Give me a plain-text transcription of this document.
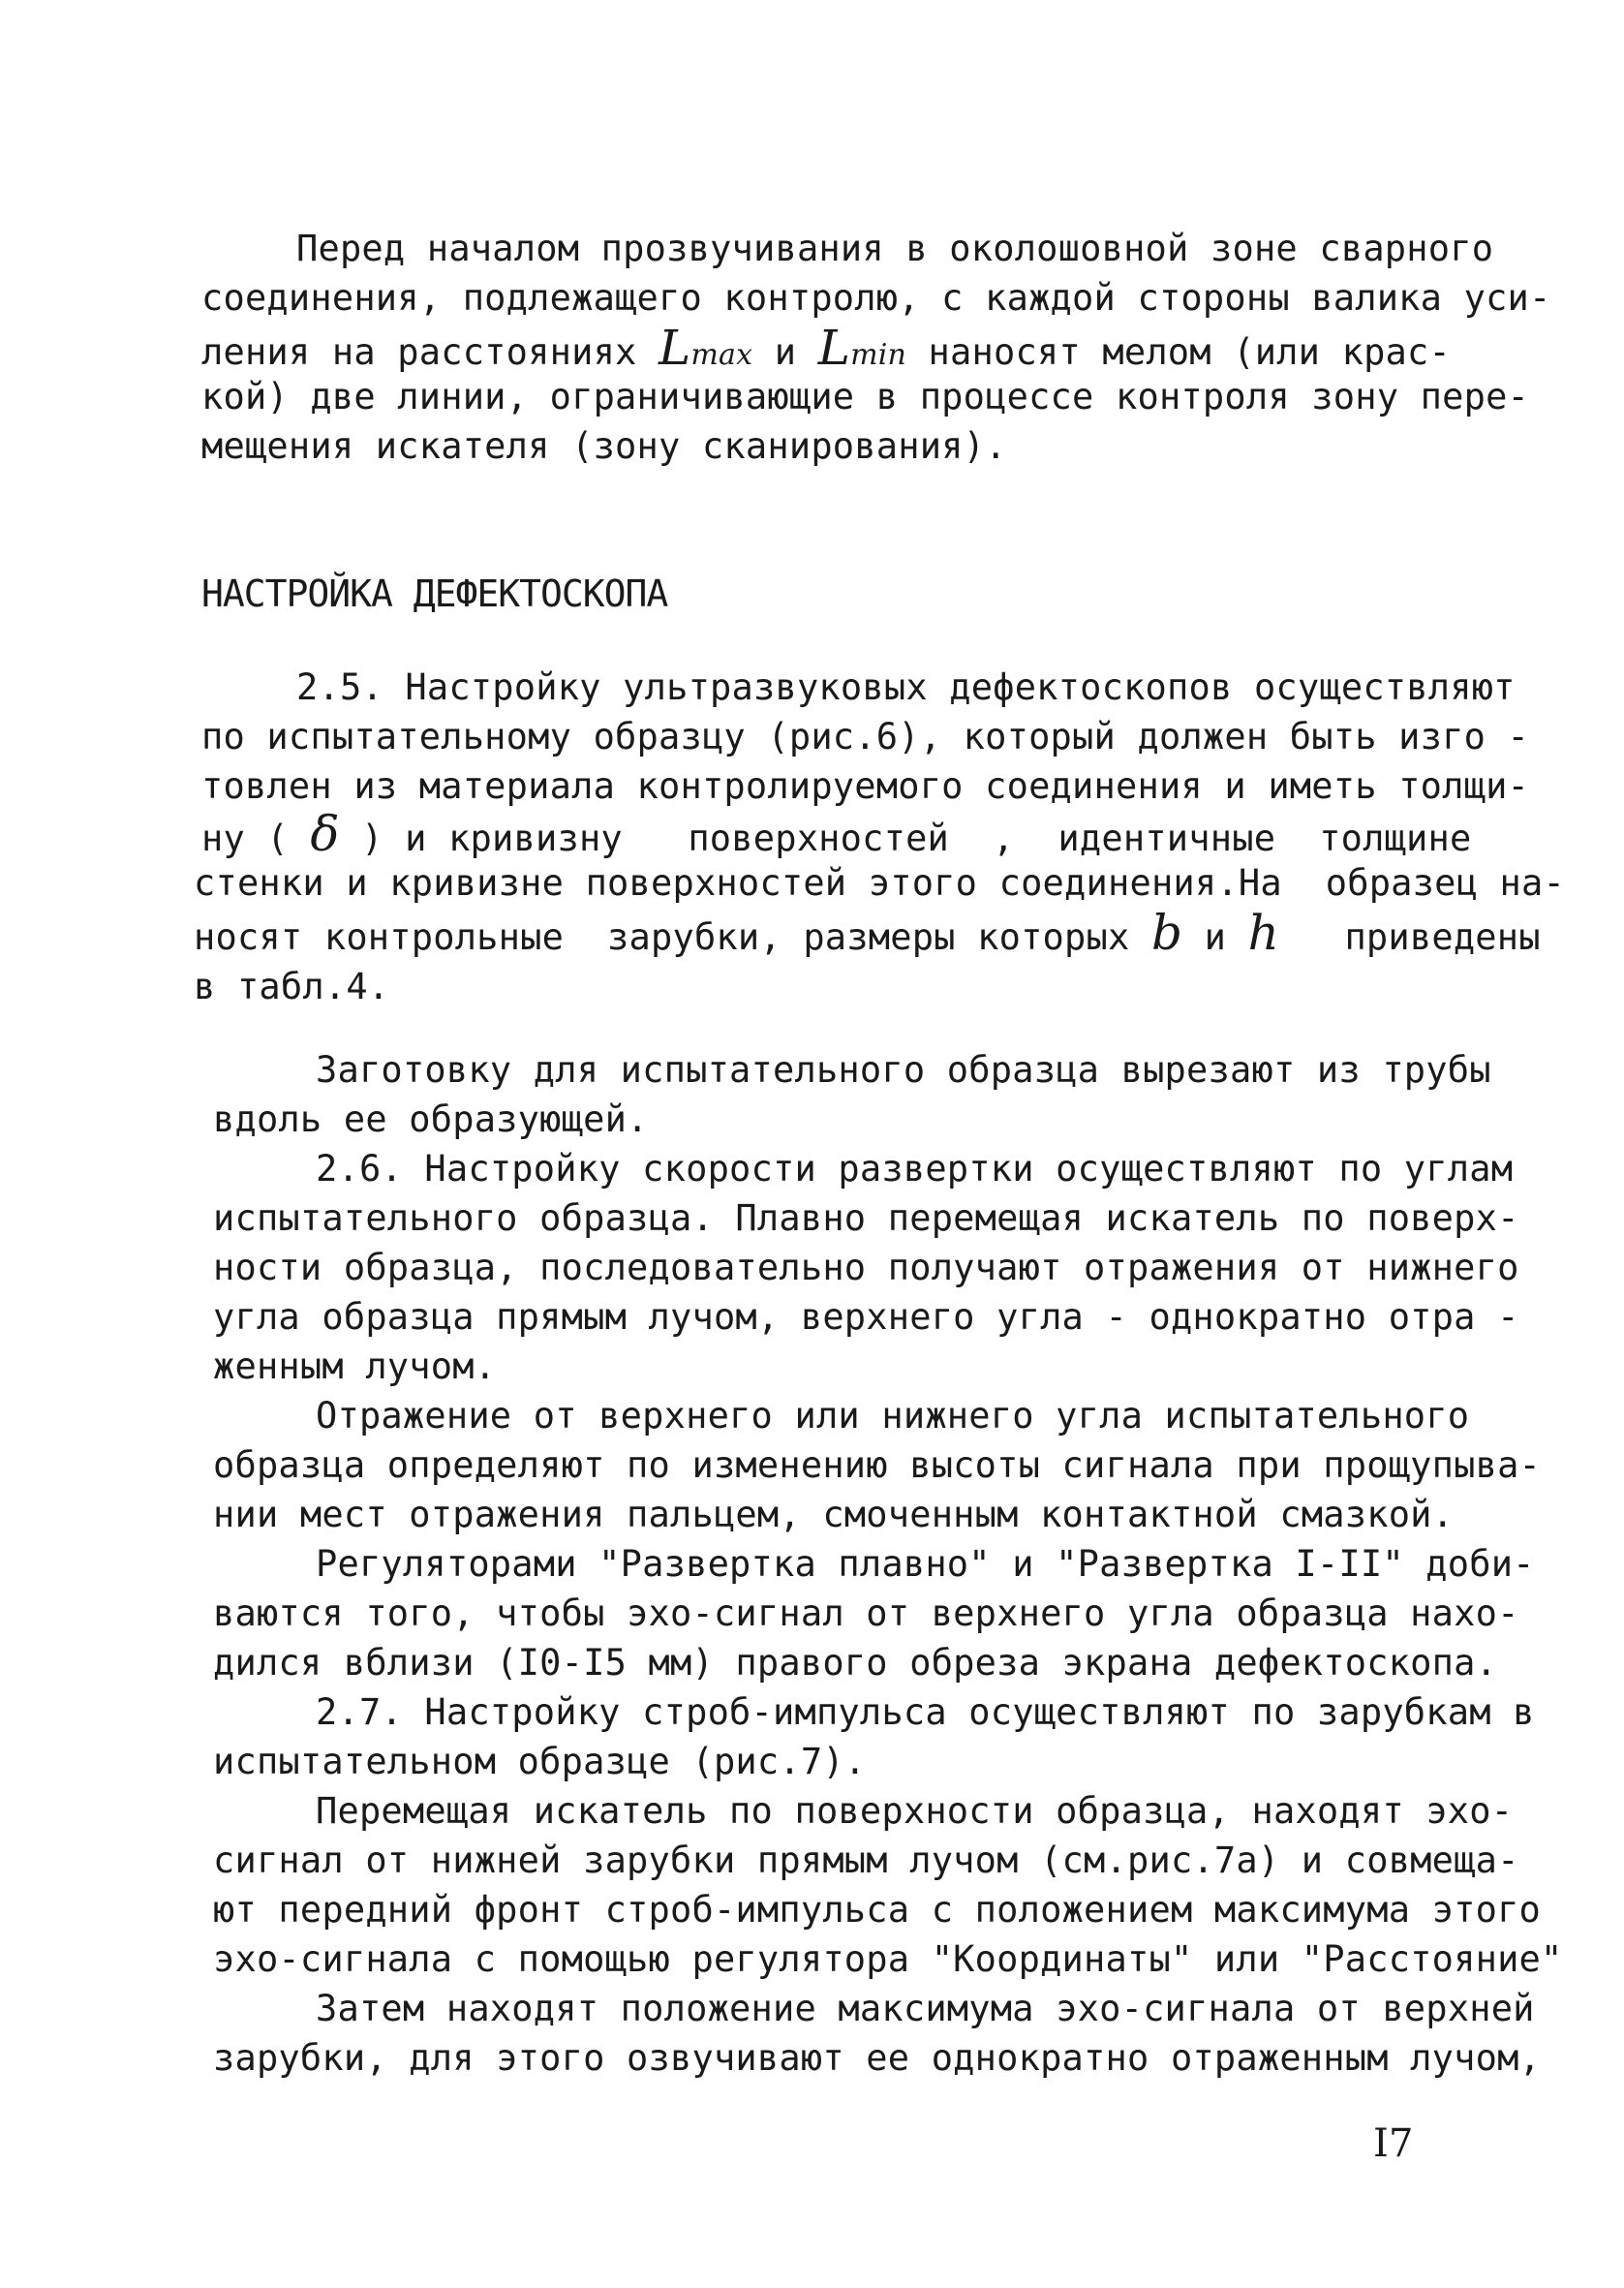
Перед началом прозвучивания в околошовной зоне сварного
соединения, подлежащего контролю, с каждой стороны валика уси-
ления на расстояниях Lmax и Lmin наносят мелом (или крас-
кой) две линии, ограничивающие в процессе контроля зону пере-
мещения искателя (зону сканирования).
НАСТРОЙКА ДЕФЕКТОСКОПА
2.5. Настройку ультразвуковых дефектоскопов осуществляют
по испытательному образцу (рис.6), который должен быть изго -
товлен из материала контролируемого соединения и иметь толщи-
ну ( δ ) и кривизну   поверхностей  ,  идентичные  толщине
стенки и кривизне поверхностей этого соединения.На  образец на-
носят контрольные  зарубки, размеры которых b и h   приведены
в табл.4.
Заготовку для испытательного образца вырезают из трубы
вдоль ее образующей.
2.6. Настройку скорости развертки осуществляют по углам
испытательного образца. Плавно перемещая искатель по поверх-
ности образца, последовательно получают отражения от нижнего
угла образца прямым лучом, верхнего угла - однократно отра -
женным лучом.
Отражение от верхнего или нижнего угла испытательного
образца определяют по изменению высоты сигнала при прощупыва-
нии мест отражения пальцем, смоченным контактной смазкой.
Регуляторами "Развертка плавно" и "Развертка I-II" доби-
ваются того, чтобы эхо-сигнал от верхнего угла образца нахо-
дился вблизи (I0-I5 мм) правого обреза экрана дефектоскопа.
2.7. Настройку строб-импульса осуществляют по зарубкам в
испытательном образце (рис.7).
Перемещая искатель по поверхности образца, находят эхо-
сигнал от нижней зарубки прямым лучом (см.рис.7а) и совмеща-
ют передний фронт строб-импульса с положением максимума этого
эхо-сигнала с помощью регулятора "Координаты" или "Расстояние"
Затем находят положение максимума эхо-сигнала от верхней
зарубки, для этого озвучивают ее однократно отраженным лучом,
I7
